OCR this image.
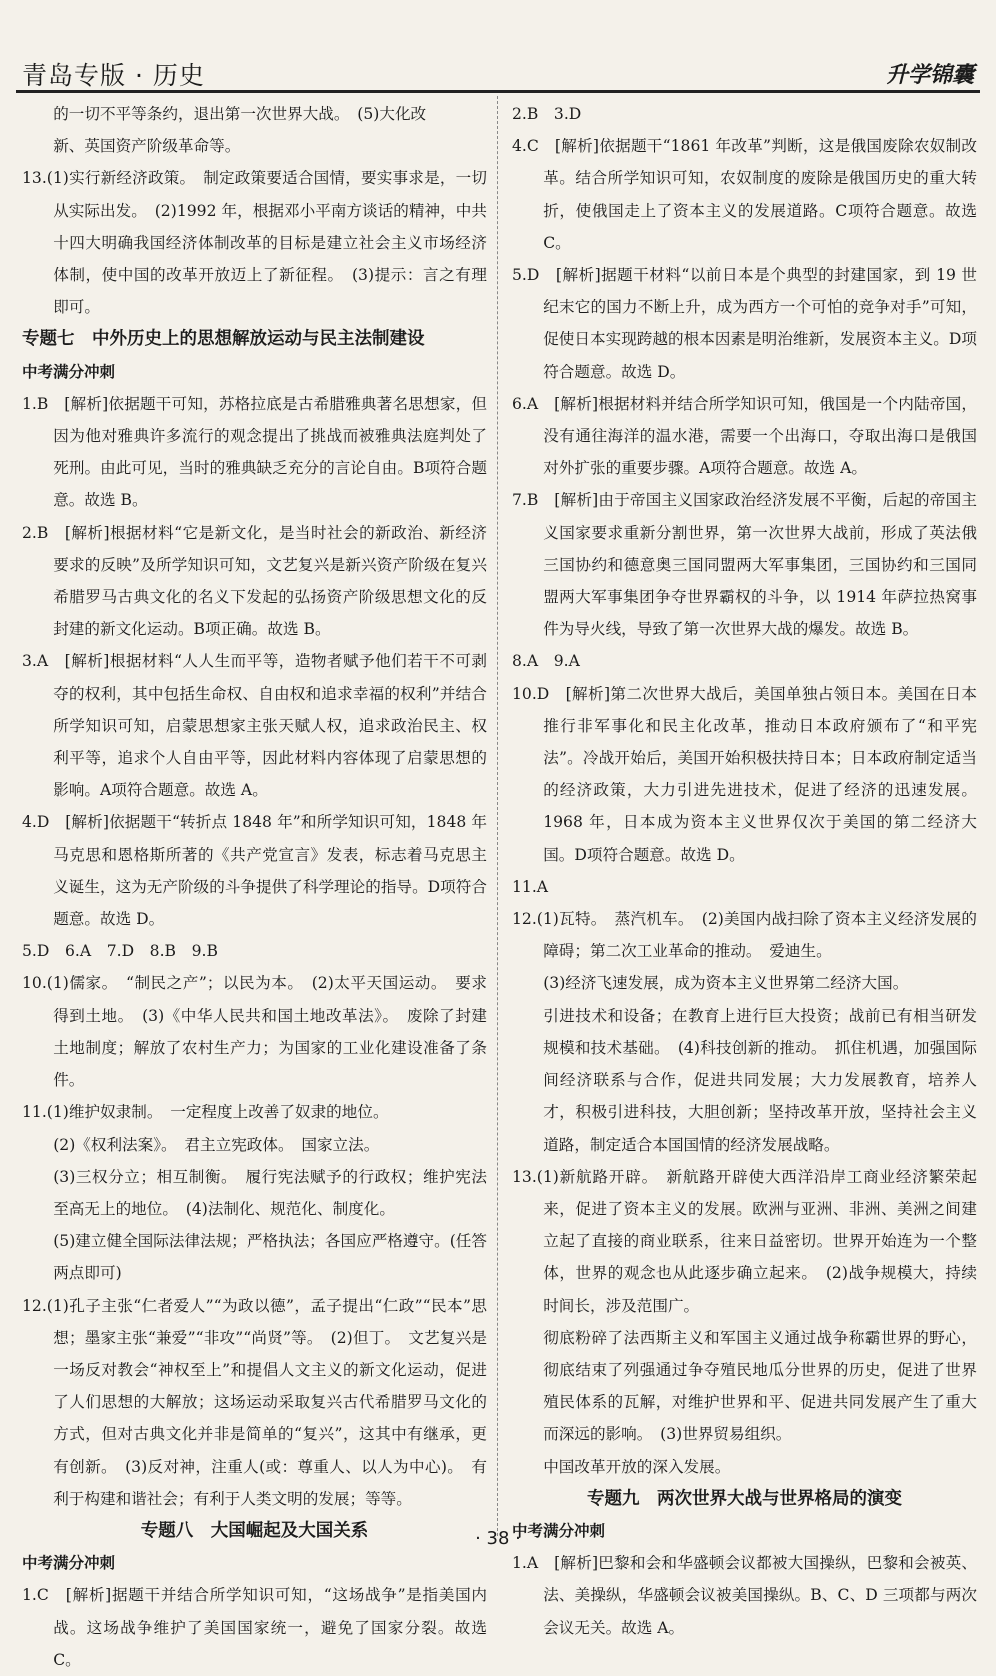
青岛专版 · 历史	升学锦囊

的一切不平等条约，退出第一次世界大战。　(5)大化改

新、英国资产阶级革命等。

13.(1)实行新经济政策。　制定政策要适合国情，要实事求是，一切从实际出发。　(2)1992 年，根据邓小平南方谈话的精神，中共十四大明确我国经济体制改革的目标是建立社会主义市场经济体制，使中国的改革开放迈上了新征程。　(3)提示：言之有理即可。

专题七　中外历史上的思想解放运动与民主法制建设

中考满分冲刺

1.B　[解析]依据题干可知，苏格拉底是古希腊雅典著名思想家，但因为他对雅典许多流行的观念提出了挑战而被雅典法庭判处了死刑。由此可见，当时的雅典缺乏充分的言论自由。B项符合题意。故选 B。

2.B　[解析]根据材料“它是新文化，是当时社会的新政治、新经济要求的反映”及所学知识可知，文艺复兴是新兴资产阶级在复兴希腊罗马古典文化的名义下发起的弘扬资产阶级思想文化的反封建的新文化运动。B项正确。故选 B。

3.A　[解析]根据材料“人人生而平等，造物者赋予他们若干不可剥夺的权利，其中包括生命权、自由权和追求幸福的权利”并结合所学知识可知，启蒙思想家主张天赋人权，追求政治民主、权利平等，追求个人自由平等，因此材料内容体现了启蒙思想的影响。A项符合题意。故选 A。

4.D　[解析]依据题干“转折点 1848 年”和所学知识可知，1848 年马克思和恩格斯所著的《共产党宣言》发表，标志着马克思主义诞生，这为无产阶级的斗争提供了科学理论的指导。D项符合题意。故选 D。

5.D　6.A　7.D　8.B　9.B

10.(1)儒家。　“制民之产”；以民为本。　(2)太平天国运动。　要求得到土地。　(3)《中华人民共和国土地改革法》。　废除了封建土地制度；解放了农村生产力；为国家的工业化建设准备了条件。

11.(1)维护奴隶制。　一定程度上改善了奴隶的地位。

(2)《权利法案》。　君主立宪政体。　国家立法。

(3)三权分立；相互制衡。　履行宪法赋予的行政权；维护宪法至高无上的地位。　(4)法制化、规范化、制度化。

(5)建立健全国际法律法规；严格执法；各国应严格遵守。(任答两点即可)

12.(1)孔子主张“仁者爱人”“为政以德”，孟子提出“仁政”“民本”思想；墨家主张“兼爱”“非攻”“尚贤”等。　(2)但丁。　文艺复兴是一场反对教会“神权至上”和提倡人文主义的新文化运动，促进了人们思想的大解放；这场运动采取复兴古代希腊罗马文化的方式，但对古典文化并非是简单的“复兴”，这其中有继承，更有创新。　(3)反对神，注重人(或：尊重人、以人为中心)。　有利于构建和谐社会；有利于人类文明的发展；等等。

专题八　大国崛起及大国关系

中考满分冲刺

1.C　[解析]据题干并结合所学知识可知，“这场战争”是指美国内战。这场战争维护了美国国家统一，避免了国家分裂。故选 C。

2.B　3.D

4.C　[解析]依据题干“1861 年改革”判断，这是俄国废除农奴制改革。结合所学知识可知，农奴制度的废除是俄国历史的重大转折，使俄国走上了资本主义的发展道路。C项符合题意。故选 C。

5.D　[解析]据题干材料“以前日本是个典型的封建国家，到 19 世纪末它的国力不断上升，成为西方一个可怕的竞争对手”可知，促使日本实现跨越的根本因素是明治维新，发展资本主义。D项符合题意。故选 D。

6.A　[解析]根据材料并结合所学知识可知，俄国是一个内陆帝国，没有通往海洋的温水港，需要一个出海口，夺取出海口是俄国对外扩张的重要步骤。A项符合题意。故选 A。

7.B　[解析]由于帝国主义国家政治经济发展不平衡，后起的帝国主义国家要求重新分割世界，第一次世界大战前，形成了英法俄三国协约和德意奥三国同盟两大军事集团，三国协约和三国同盟两大军事集团争夺世界霸权的斗争，以 1914 年萨拉热窝事件为导火线，导致了第一次世界大战的爆发。故选 B。

8.A　9.A

10.D　[解析]第二次世界大战后，美国单独占领日本。美国在日本推行非军事化和民主化改革，推动日本政府颁布了“和平宪法”。冷战开始后，美国开始积极扶持日本；日本政府制定适当的经济政策，大力引进先进技术，促进了经济的迅速发展。1968 年，日本成为资本主义世界仅次于美国的第二经济大国。D项符合题意。故选 D。

11.A

12.(1)瓦特。　蒸汽机车。　(2)美国内战扫除了资本主义经济发展的障碍；第二次工业革命的推动。　爱迪生。

(3)经济飞速发展，成为资本主义世界第二经济大国。

引进技术和设备；在教育上进行巨大投资；战前已有相当研发规模和技术基础。　(4)科技创新的推动。　抓住机遇，加强国际间经济联系与合作，促进共同发展；大力发展教育，培养人才，积极引进科技，大胆创新；坚持改革开放，坚持社会主义道路，制定适合本国国情的经济发展战略。

13.(1)新航路开辟。　新航路开辟使大西洋沿岸工商业经济繁荣起来，促进了资本主义的发展。欧洲与亚洲、非洲、美洲之间建立起了直接的商业联系，往来日益密切。世界开始连为一个整体，世界的观念也从此逐步确立起来。　(2)战争规模大，持续时间长，涉及范围广。

彻底粉碎了法西斯主义和军国主义通过战争称霸世界的野心，彻底结束了列强通过争夺殖民地瓜分世界的历史，促进了世界殖民体系的瓦解，对维护世界和平、促进共同发展产生了重大而深远的影响。　(3)世界贸易组织。

中国改革开放的深入发展。

专题九　两次世界大战与世界格局的演变

中考满分冲刺

1.A　[解析]巴黎和会和华盛顿会议都被大国操纵，巴黎和会被英、法、美操纵，华盛顿会议被美国操纵。B、C、D 三项都与两次会议无关。故选 A。

· 38 ·
